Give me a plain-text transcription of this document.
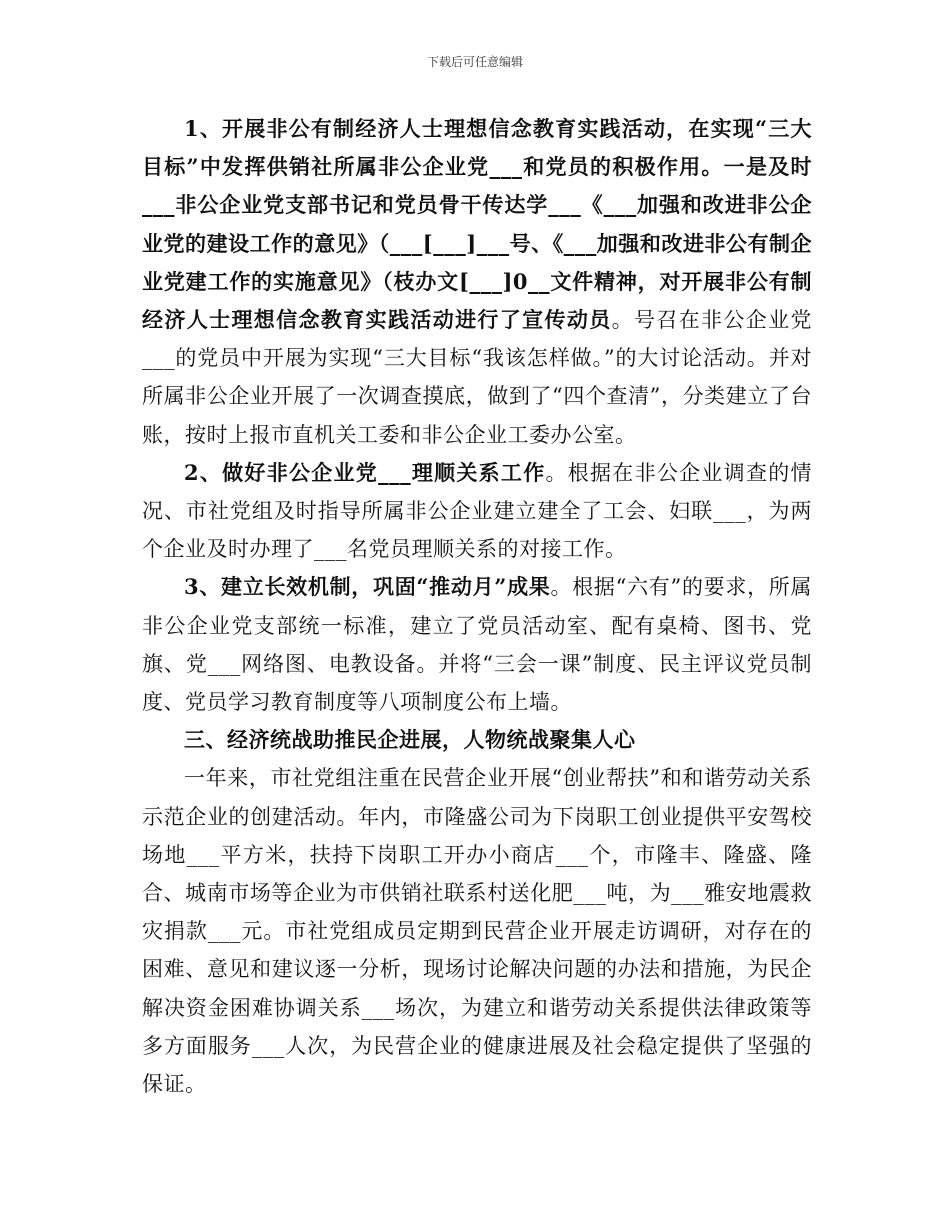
下载后可任意编辑

1、开展非公有制经济人士理想信念教育实践活动，在实现“三大目标”中发挥供销社所属非公企业党___和党员的积极作用。一是及时___非公企业党支部书记和党员骨干传达学___《___加强和改进非公企业党的建设工作的意见》（___[___]___号、《___加强和改进非公有制企业党建工作的实施意见》（枝办文[___]0__文件精神，对开展非公有制经济人士理想信念教育实践活动进行了宣传动员。号召在非公企业党___的党员中开展为实现“三大目标“我该怎样做。”的大讨论活动。并对所属非公企业开展了一次调查摸底，做到了“四个查清”，分类建立了台账，按时上报市直机关工委和非公企业工委办公室。

2、做好非公企业党___理顺关系工作。根据在非公企业调查的情况、市社党组及时指导所属非公企业建立建全了工会、妇联___，为两个企业及时办理了___名党员理顺关系的对接工作。

3、建立长效机制，巩固“推动月”成果。根据“六有”的要求，所属非公企业党支部统一标准，建立了党员活动室、配有桌椅、图书、党旗、党___网络图、电教设备。并将“三会一课”制度、民主评议党员制度、党员学习教育制度等八项制度公布上墙。

三、经济统战助推民企进展，人物统战聚集人心

一年来，市社党组注重在民营企业开展“创业帮扶”和和谐劳动关系示范企业的创建活动。年内，市隆盛公司为下岗职工创业提供平安驾校场地___平方米，扶持下岗职工开办小商店___个，市隆丰、隆盛、隆合、城南市场等企业为市供销社联系村送化肥___吨，为___雅安地震救灾捐款___元。市社党组成员定期到民营企业开展走访调研，对存在的困难、意见和建议逐一分析，现场讨论解决问题的办法和措施，为民企解决资金困难协调关系___场次，为建立和谐劳动关系提供法律政策等多方面服务___人次，为民营企业的健康进展及社会稳定提供了坚强的保证。
